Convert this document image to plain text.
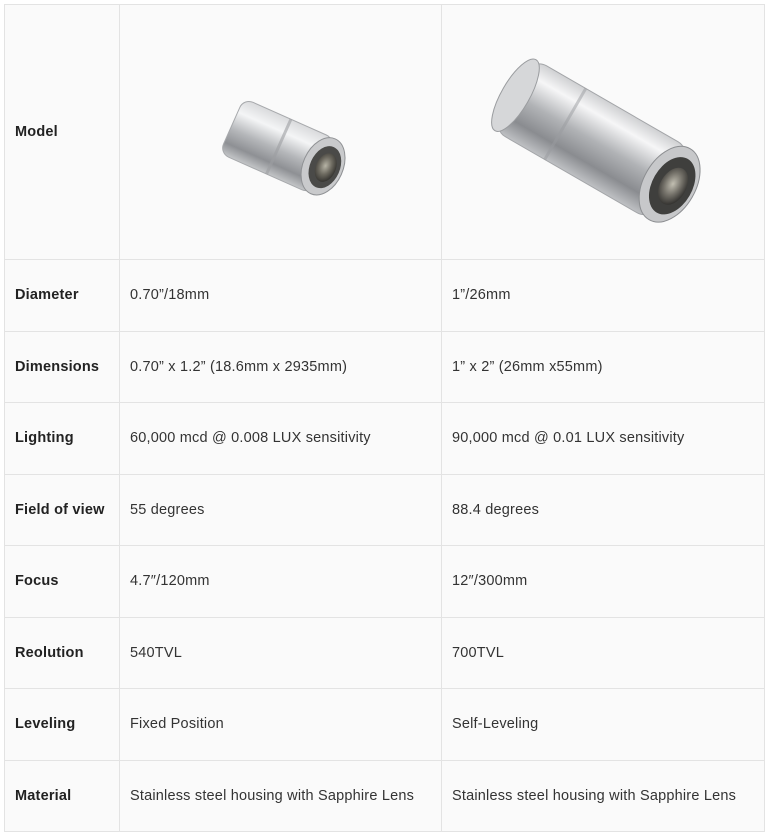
Model	

Diameter	0.70”/18mm	1”/26mm
Dimensions	0.70” x 1.2” (18.6mm x 2935mm)	1” x 2” (26mm x55mm)
Lighting	60,000 mcd @ 0.008 LUX sensitivity	90,000 mcd @ 0.01 LUX sensitivity
Field of view	55 degrees	88.4 degrees
Focus	4.7″/120mm	12″/300mm
Reolution	540TVL	700TVL
Leveling	Fixed Position	Self-Leveling
Material	Stainless steel housing with Sapphire Lens	Stainless steel housing with Sapphire Lens
